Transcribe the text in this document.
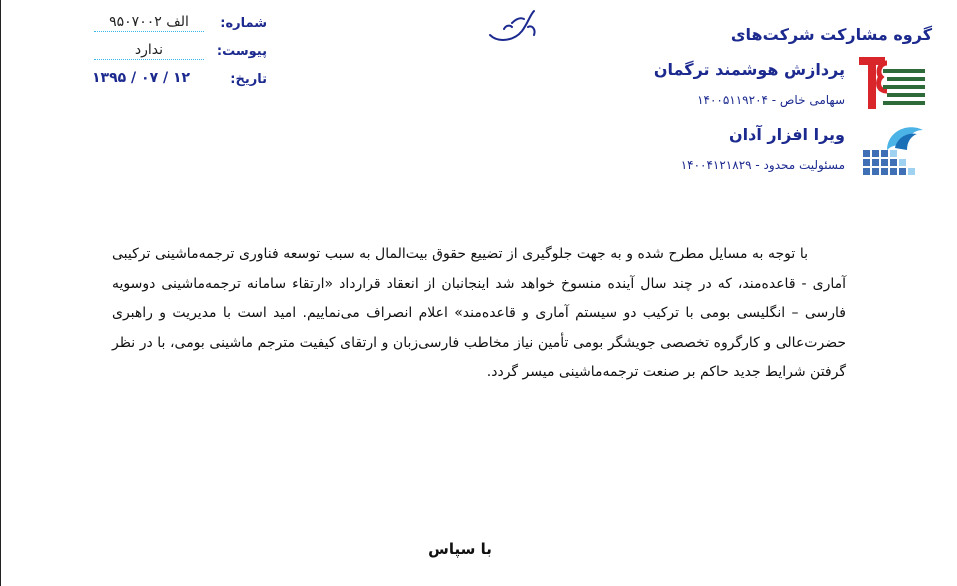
گروه مشارکت شرکت‌های
پردازش هوشمند ترگمان
سهامی خاص - ۱۴۰۰۵۱۱۹۲۰۴
ویرا افزار آدان
مسئولیت محدود - ۱۴۰۰۴۱۲۱۸۲۹
شماره:
الف ۹۵۰۷۰۰۲
پیوست:
ندارد
تاریخ:
۱۳۹۵ / ۰۷ / ۱۲

با توجه به مسایل مطرح شده و به جهت جلوگیری از تضییع حقوق بیت‌المال به سبب توسعه فناوری ترجمه‌ماشینی ترکیبی آماری - قاعده‌مند، که در چند سال آینده منسوخ خواهد شد اینجانبان از انعقاد قرارداد «ارتقاء سامانه ترجمه‌ماشینی دوسویه فارسی – انگلیسی بومی با ترکیب دو سیستم آماری و قاعده‌مند» اعلام انصراف می‌نماییم. امید است با مدیریت و راهبری حضرت‌عالی و کارگروه تخصصی جویشگر بومی تأمین نیاز مخاطب فارسی‌زبان و ارتقای کیفیت مترجم ماشینی بومی، با در نظر گرفتن شرایط جدید حاکم بر صنعت ترجمه‌ماشینی میسر گردد.

با سپاس
